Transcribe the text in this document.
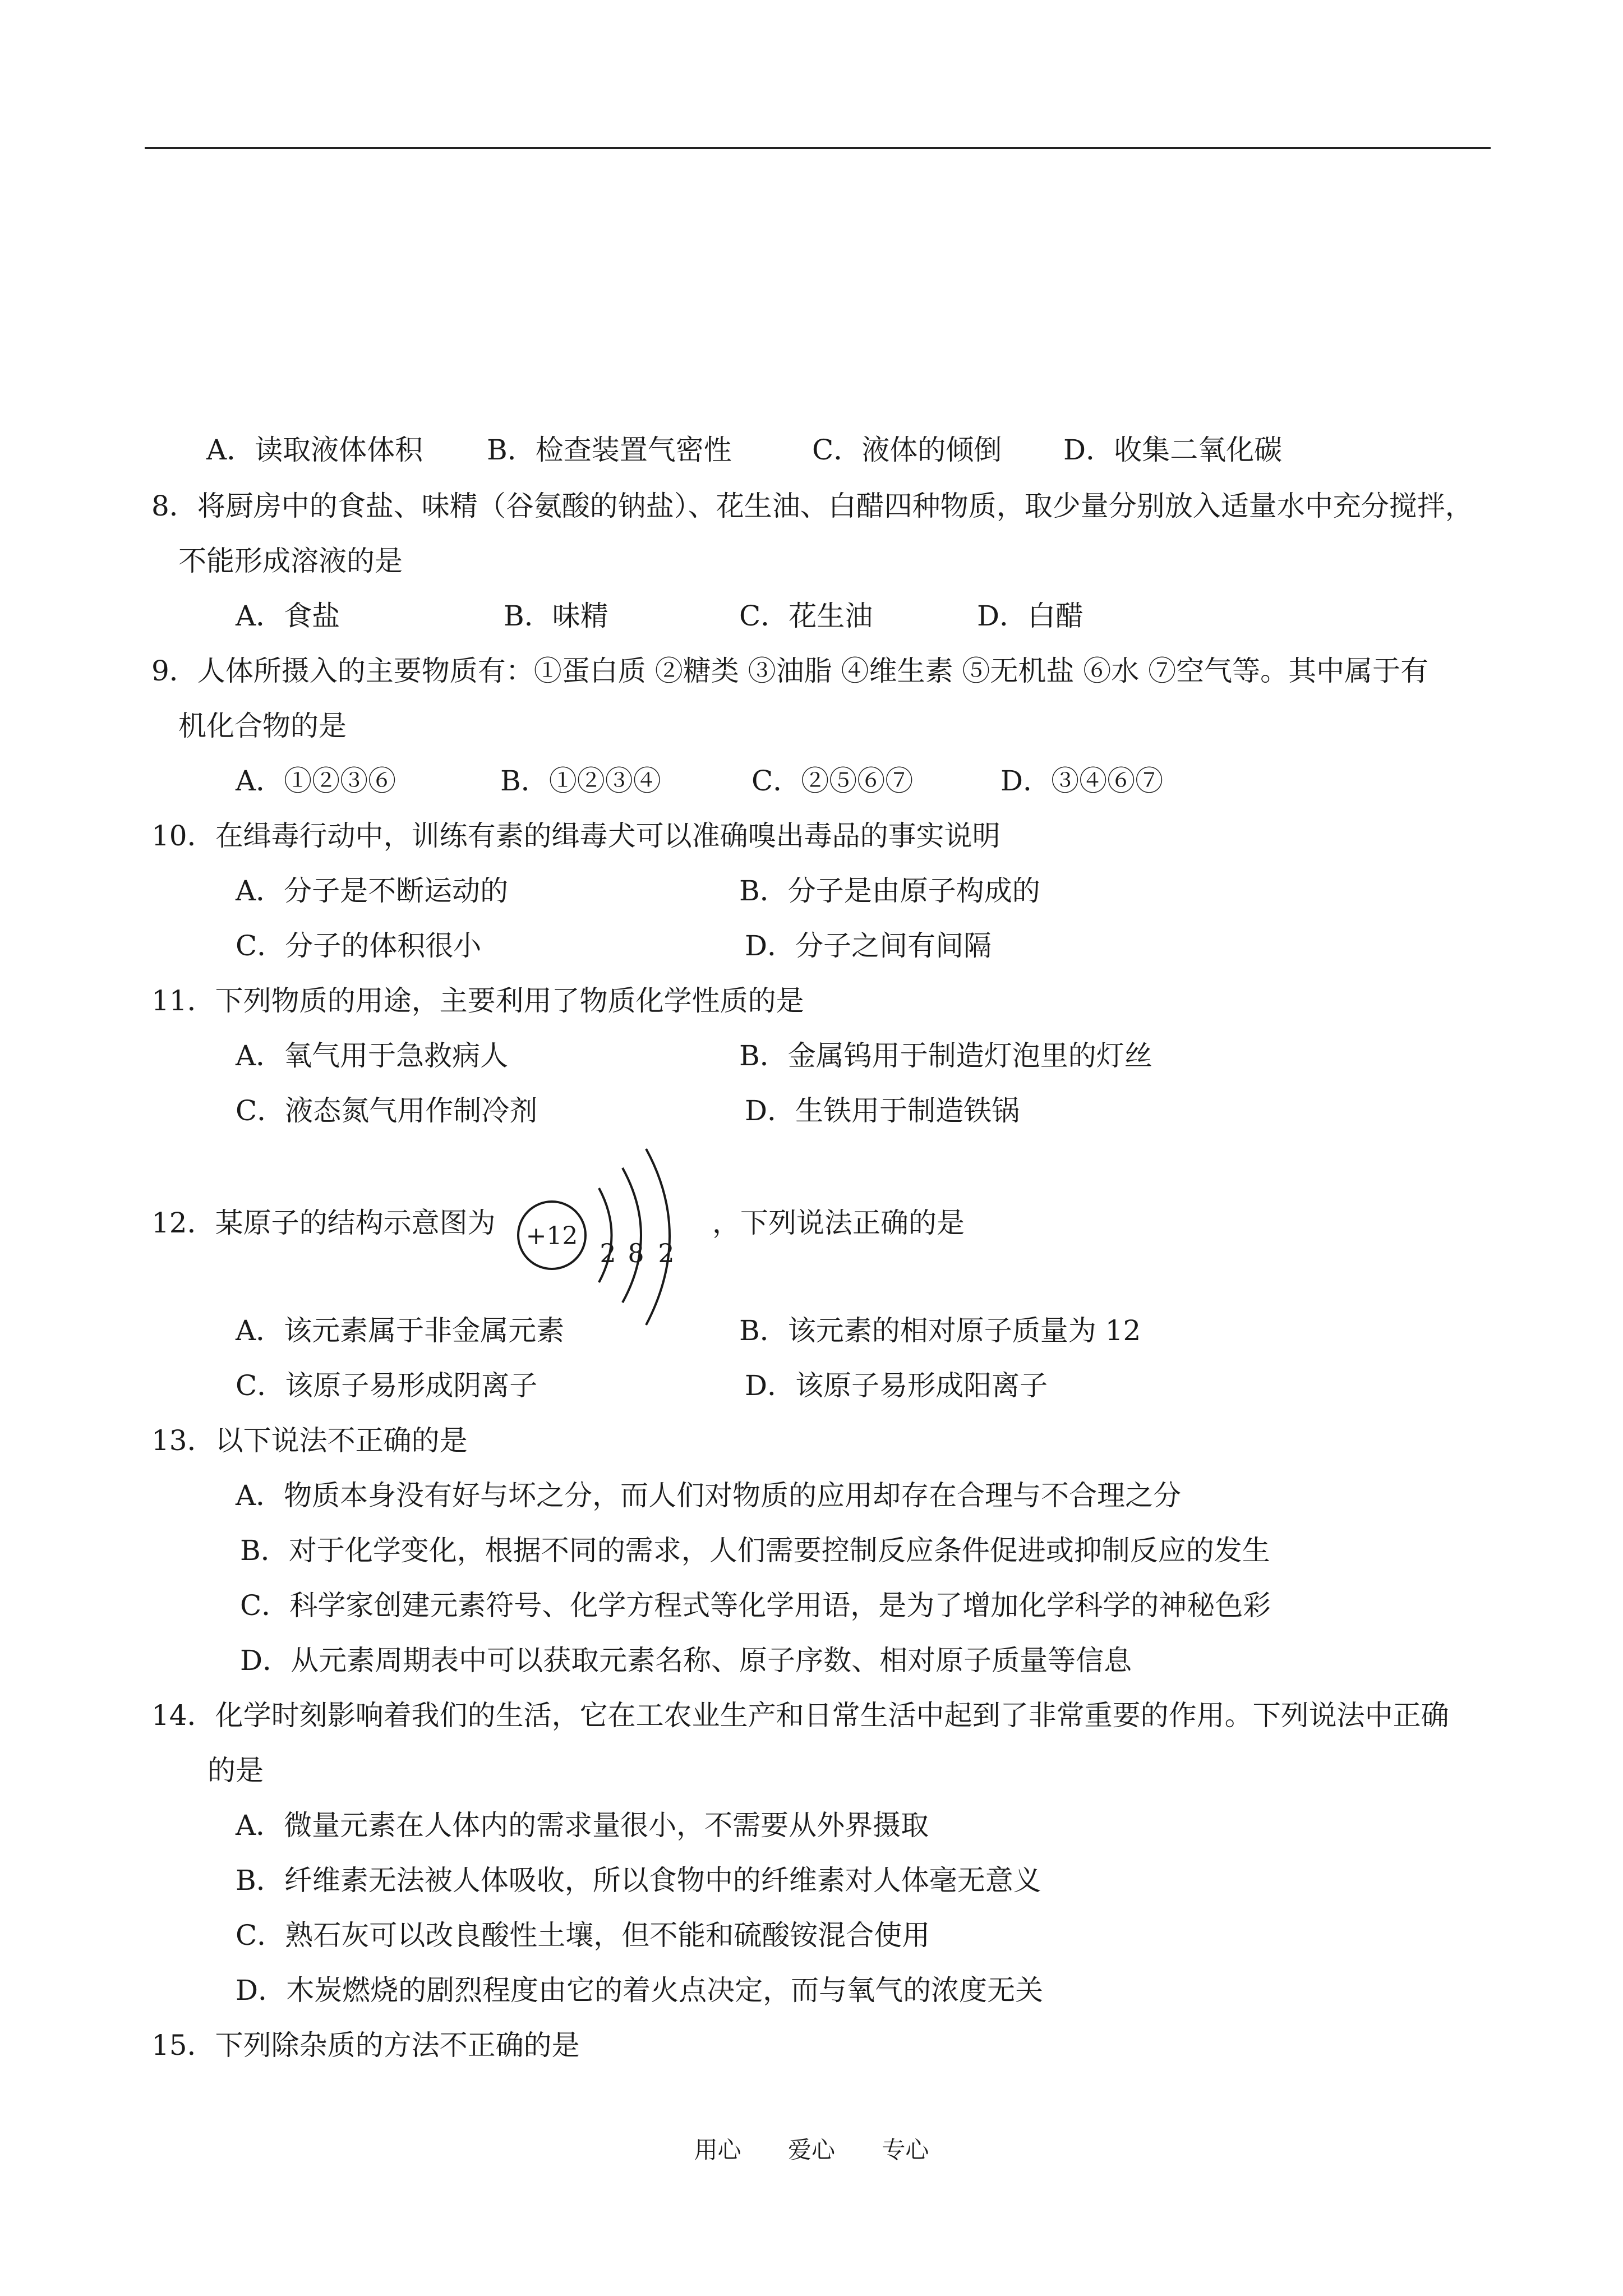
A．读取液体体积 B．检查装置气密性	C．液体的倾倒 D．收集二氧化碳
8．将厨房中的食盐、味精（谷氨酸的钠盐）、花生油、白醋四种物质，取少量分别放入适量水中充分搅拌，
不能形成溶液的是
A．食盐	B．味精	C．花生油	D．白醋
9．人体所摄入的主要物质有：①蛋白质 ②糖类 ③油脂 ④维生素 ⑤无机盐 ⑥水 ⑦空气等。其中属于有
机化合物的是
A．①②③⑥	B．①②③④	C．②⑤⑥⑦	D．③④⑥⑦
10．在缉毒行动中，训练有素的缉毒犬可以准确嗅出毒品的事实说明
A．分子是不断运动的	B．分子是由原子构成的
C．分子的体积很小	D．分子之间有间隔
11．下列物质的用途，主要利用了物质化学性质的是
A．氧气用于急救病人	B．金属钨用于制造灯泡里的灯丝
C．液态氮气用作制冷剂	D．生铁用于制造铁锅
12．某原子的结构示意图为 +12
2 8 2
，下列说法正确的是
A．该元素属于非金属元素	B．该元素的相对原子质量为 12
C．该原子易形成阴离子	D．该原子易形成阳离子
13．以下说法不正确的是
A．物质本身没有好与坏之分，而人们对物质的应用却存在合理与不合理之分
B．对于化学变化，根据不同的需求，人们需要控制反应条件促进或抑制反应的发生
C．科学家创建元素符号、化学方程式等化学用语，是为了增加化学科学的神秘色彩
D．从元素周期表中可以获取元素名称、原子序数、相对原子质量等信息
14．化学时刻影响着我们的生活，它在工农业生产和日常生活中起到了非常重要的作用。下列说法中正确
的是
A．微量元素在人体内的需求量很小，不需要从外界摄取
B．纤维素无法被人体吸收，所以食物中的纤维素对人体毫无意义
C．熟石灰可以改良酸性土壤，但不能和硫酸铵混合使用
D．木炭燃烧的剧烈程度由它的着火点决定，而与氧气的浓度无关
15．下列除杂质的方法不正确的是
用心 爱心 专心
